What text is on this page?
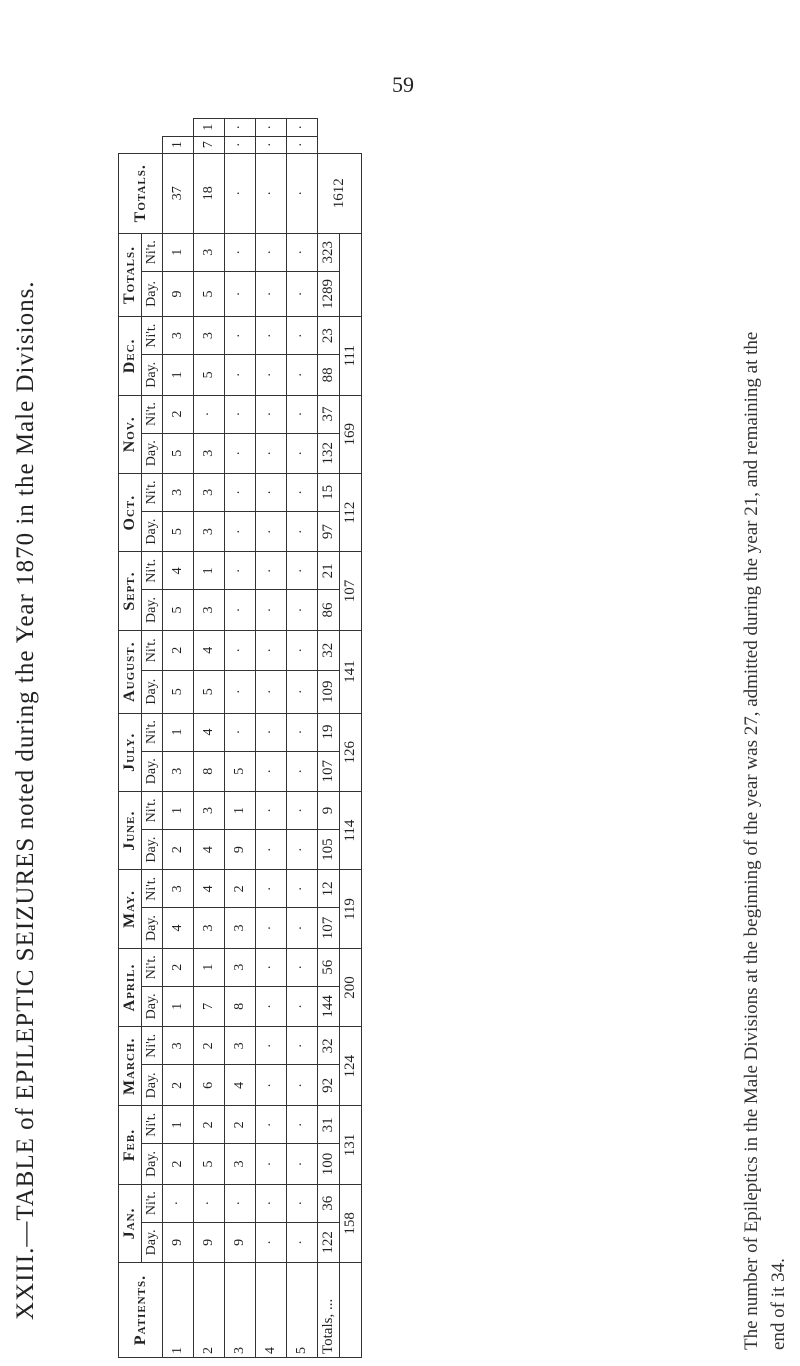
59
XXIII.—TABLE of EPILEPTIC SEIZURES noted during the Year 1870 in the Male Divisions.	Patients.	Jan.		Feb.		March.		April.		May.		June.		July.		August.		Sept.		Oct.		Nov.		Dec.		Totals.		Totals.		
	Day.	Ni't.	Day.	Ni't.	Day.	Ni't.	Day.	Ni't.	Day.	Ni't.	Day.	Ni't.	Day.	Ni't.	Day.	Ni't.	Day.	Ni't.	Day.	Ni't.	Day.	Ni't.	Day.	Ni't.	Day.	Ni't.			
1	9	·	2	1	2	3	1	2	4	3	2	1	3	1	5	2	5	4	5	3	5	2	1	3	9	1	37	1	
2	9	·	5	2	6	2	7	1	3	4	4	3	8	4	5	4	3	1	3	3	3	·	5	3	5	3	18	7	1
3	9	·	3	2	4	3	8	3	3	2	9	1	5	·	·	·	·	·	·	·	·	·	·	·	·	·	·	·	·
4	·	·	·	·	·	·	·	·	·	·	·	·	·	·	·	·	·	·	·	·	·	·	·	·	·	·	·	·	·
5	·	·	·	·	·	·	·	·	·	·	·	·	·	·	·	·	·	·	·	·	·	·	·	·	·	·	·	·	·
Totals, ...	122	36	100	31	92	32	144	56	107	12	105	9	107	19	109	32	86	21	97	15	132	37	88	23	1289	323	1612		
	158		131		124		200		119		114		126		141		107		112		169		111							The number of Epileptics in the Male Divisions at the beginning of the year was 27, admitted during the year 21, and remaining at the end of it 34.
